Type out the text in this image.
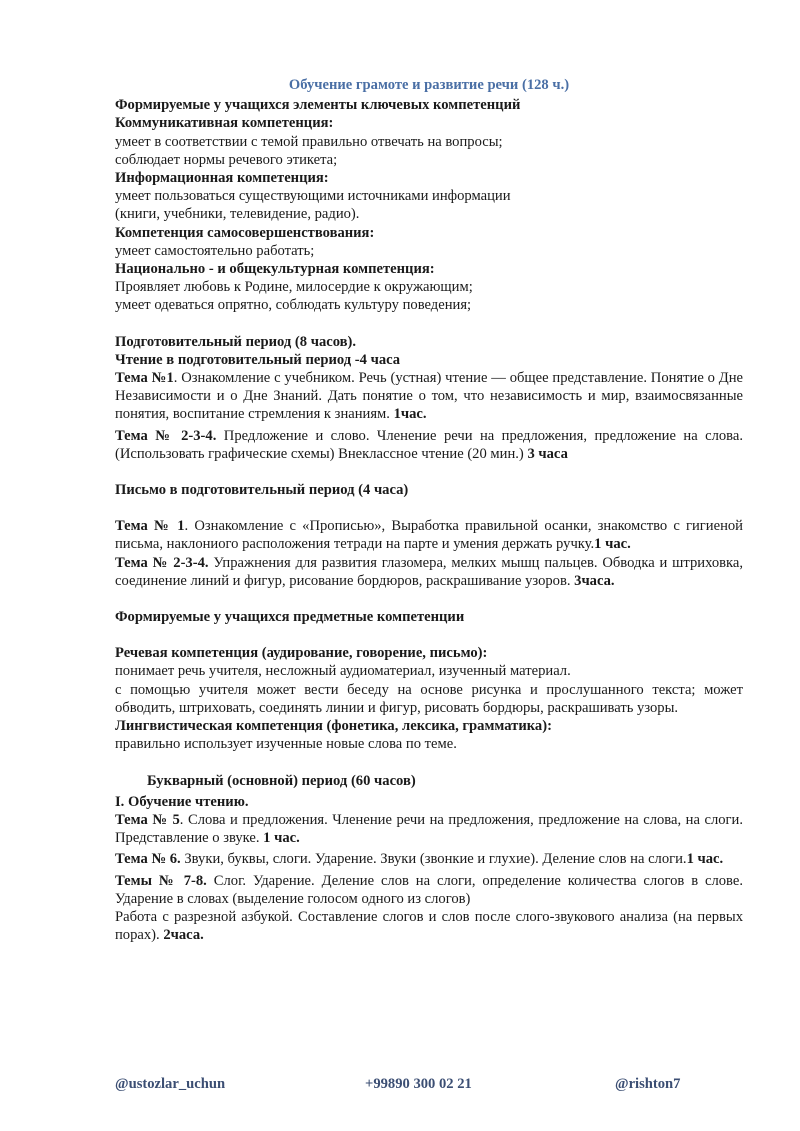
Обучение грамоте и развитие речи (128 ч.)
Формируемые у учащихся элементы ключевых компетенций
Коммуникативная компетенция:
умеет в соответствии с темой правильно отвечать на вопросы;
соблюдает нормы речевого этикета;
Информационная компетенция:
умеет пользоваться существующими источниками информации
(книги, учебники, телевидение, радио).
Компетенция самосовершенствования:
умеет самостоятельно работать;
Национально - и общекультурная компетенция:
Проявляет любовь к Родине, милосердие к окружающим;
умеет одеваться опрятно, соблюдать культуру поведения;
Подготовительный период (8 часов).
Чтение в подготовительный период -4 часа
Тема №1. Ознакомление с учебником. Речь (устная) чтение — общее представление. Понятие о Дне Независимости и о Дне Знаний. Дать понятие о том, что независимость и мир, взаимосвязанные понятия, воспитание стремления к знаниям. 1час.
Тема № 2-3-4. Предложение и слово. Членение речи на предложения, предложение на слова. (Использовать графические схемы) Внеклассное чтение (20 мин.) 3 часа
Письмо в подготовительный период (4 часа)
Тема № 1. Ознакомление с «Прописью», Выработка правильной осанки, знакомство с гигиеной письма, наклониого расположения тетради на парте и умения держать ручку.1 час.
Тема № 2-3-4. Упражнения для развития глазомера, мелких мышц пальцев. Обводка и штриховка, соединение линий и фигур, рисование бордюров, раскрашивание узоров. 3часа.
Формируемые у учащихся предметные компетенции
Речевая компетенция (аудирование, говорение, письмо):
понимает речь учителя, несложный аудиоматериал, изученный материал.
с помощью учителя может вести беседу на основе рисунка и прослушанного текста; может обводить, штриховать, соединять линии и фигур, рисовать бордюры, раскрашивать узоры.
Лингвистическая компетенция (фонетика, лексика, грамматика):
правильно использует изученные новые слова по теме.
Букварный (основной) период (60 часов)
I. Обучение чтению.
Тема № 5. Слова и предложения. Членение речи на предложения, предложение на слова, на слоги. Представление о звуке. 1 час.
Тема № 6. Звуки, буквы, слоги. Ударение. Звуки (звонкие и глухие). Деление слов на слоги.1 час.
Темы № 7-8. Слог. Ударение. Деление слов на слоги, определение количества слогов в слове. Ударение в словах (выделение голосом одного из слогов)
Работа с разрезной азбукой. Составление слогов и слов после слого-звукового анализа (на первых порах). 2часа.
@ustozlar_uchun	+99890 300 02 21	@rishton7
